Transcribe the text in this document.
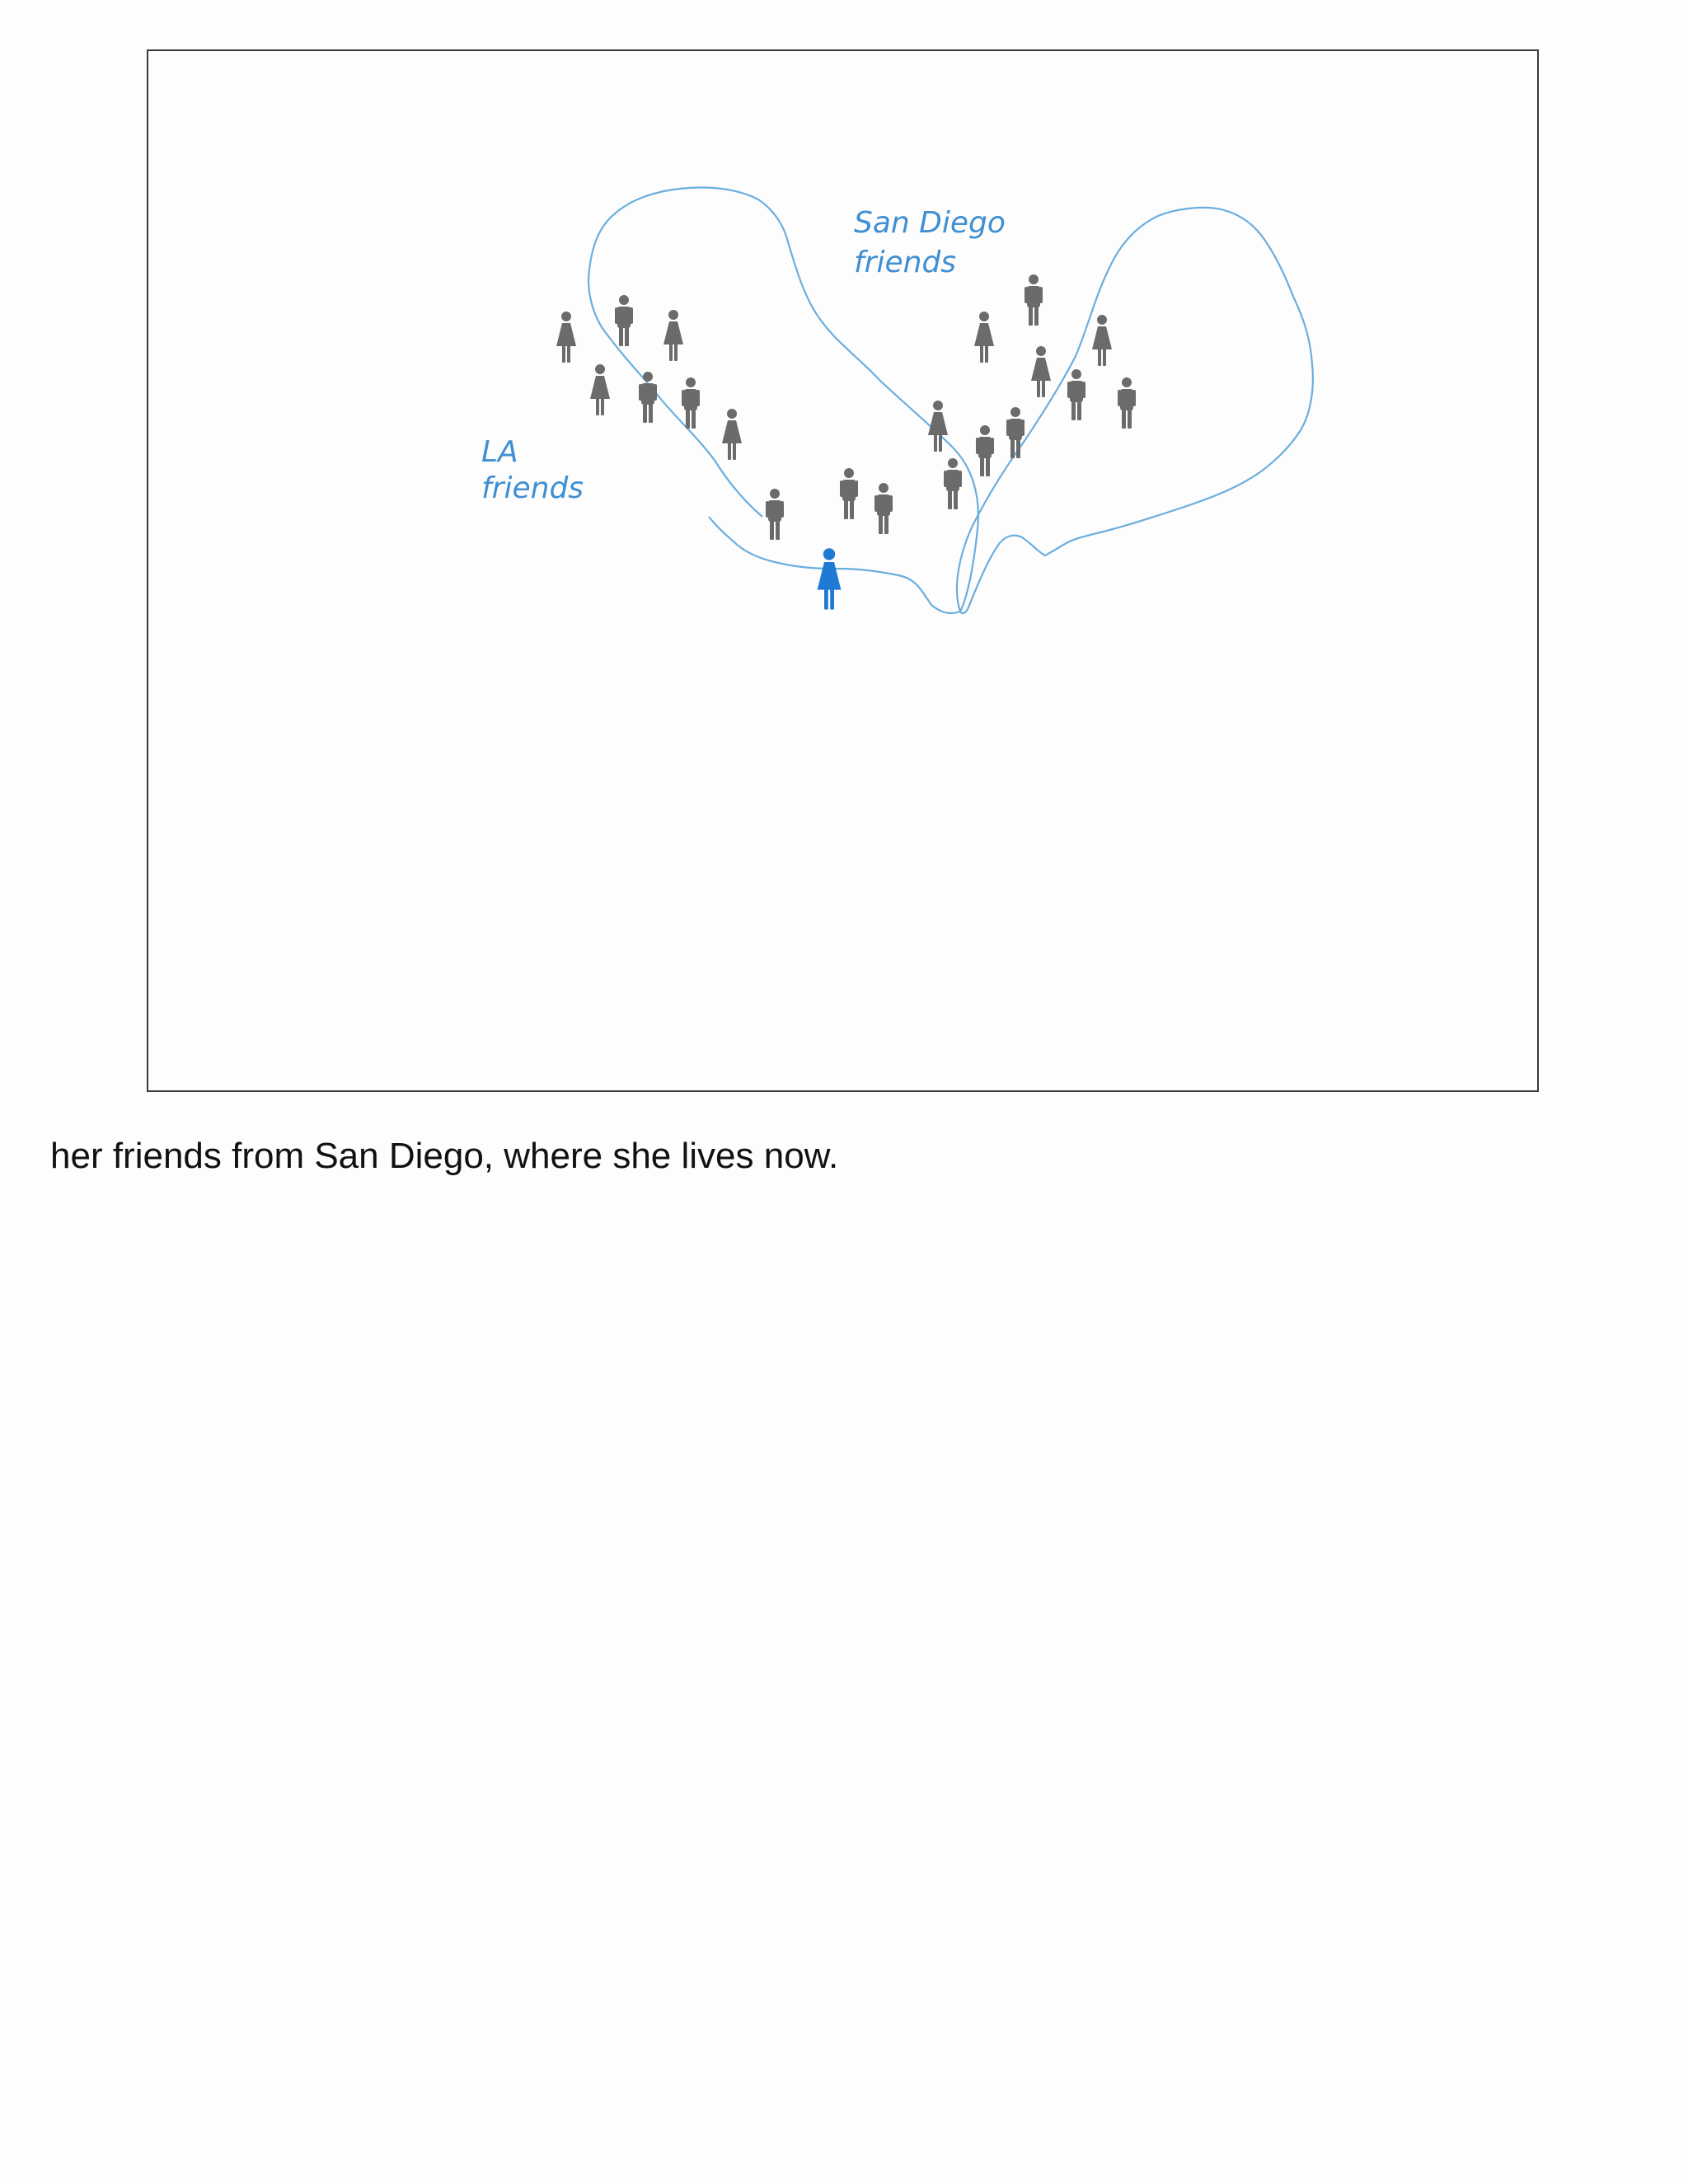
LA
friends
San Diego
friends

her friends from San Diego, where she lives now.
